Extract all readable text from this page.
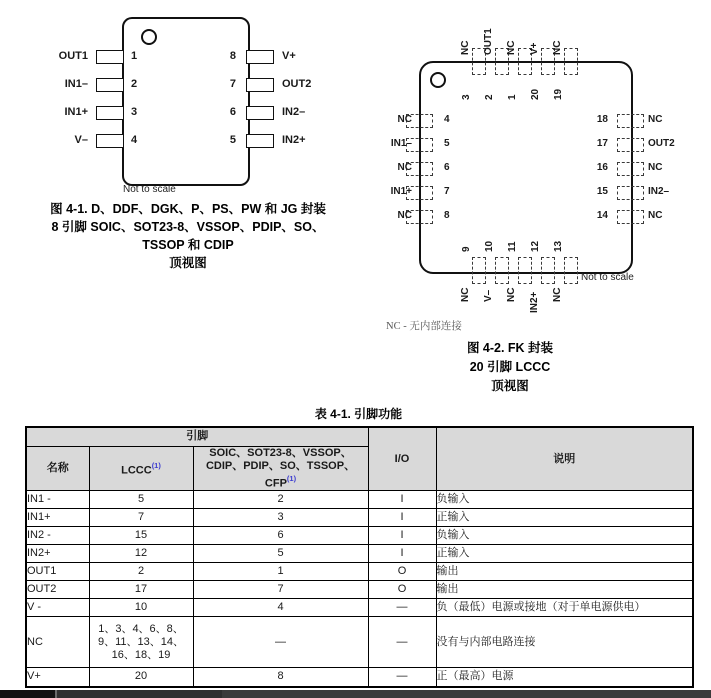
1
2
3
4
8
7
6
5
OUT1
IN1–
IN1+
V–
V+
OUT2
IN2–
IN2+
Not to scale
图 4-1. D、DDF、DGK、P、PS、PW 和 JG 封装
8 引脚 SOIC、SOT23-8、VSSOP、PDIP、SO、
TSSOP 和 CDIP
顶视图
NC OUT1 NC V+ NC
3 2 1 20 19
4
5
6
7
8
NC
IN1–
NC
IN1+
NC
18
17
16
15
14
NC
OUT2
NC
IN2–
NC
9 10 11 12 13
NC V– NC IN2+ NC
Not to scale
NC - 无内部连接
图 4-2. FK 封装
20 引脚 LCCC
顶视图
表 4-1. 引脚功能
引脚			I/O	说明
名称	LCCC$^{(1)}$	SOIC、SOT23-8、VSSOP、
CDIP、PDIP、SO、TSSOP、
CFP$^{(1)}$

IN1 -	5	2	I	负输入
IN1+	7	3	I	正输入
IN2 -	15	6	I	负输入
IN2+	12	5	I	正输入
OUT1	2	1	O	输出
OUT2	17	7	O	输出
V -	10	4	—	负（最低）电源或接地（对于单电源供电）
NC	1、3、4、6、8、
9、11、13、14、
16、18、19	—	—	没有与内部电路连接
V+	20	8	—	正（最高）电源
